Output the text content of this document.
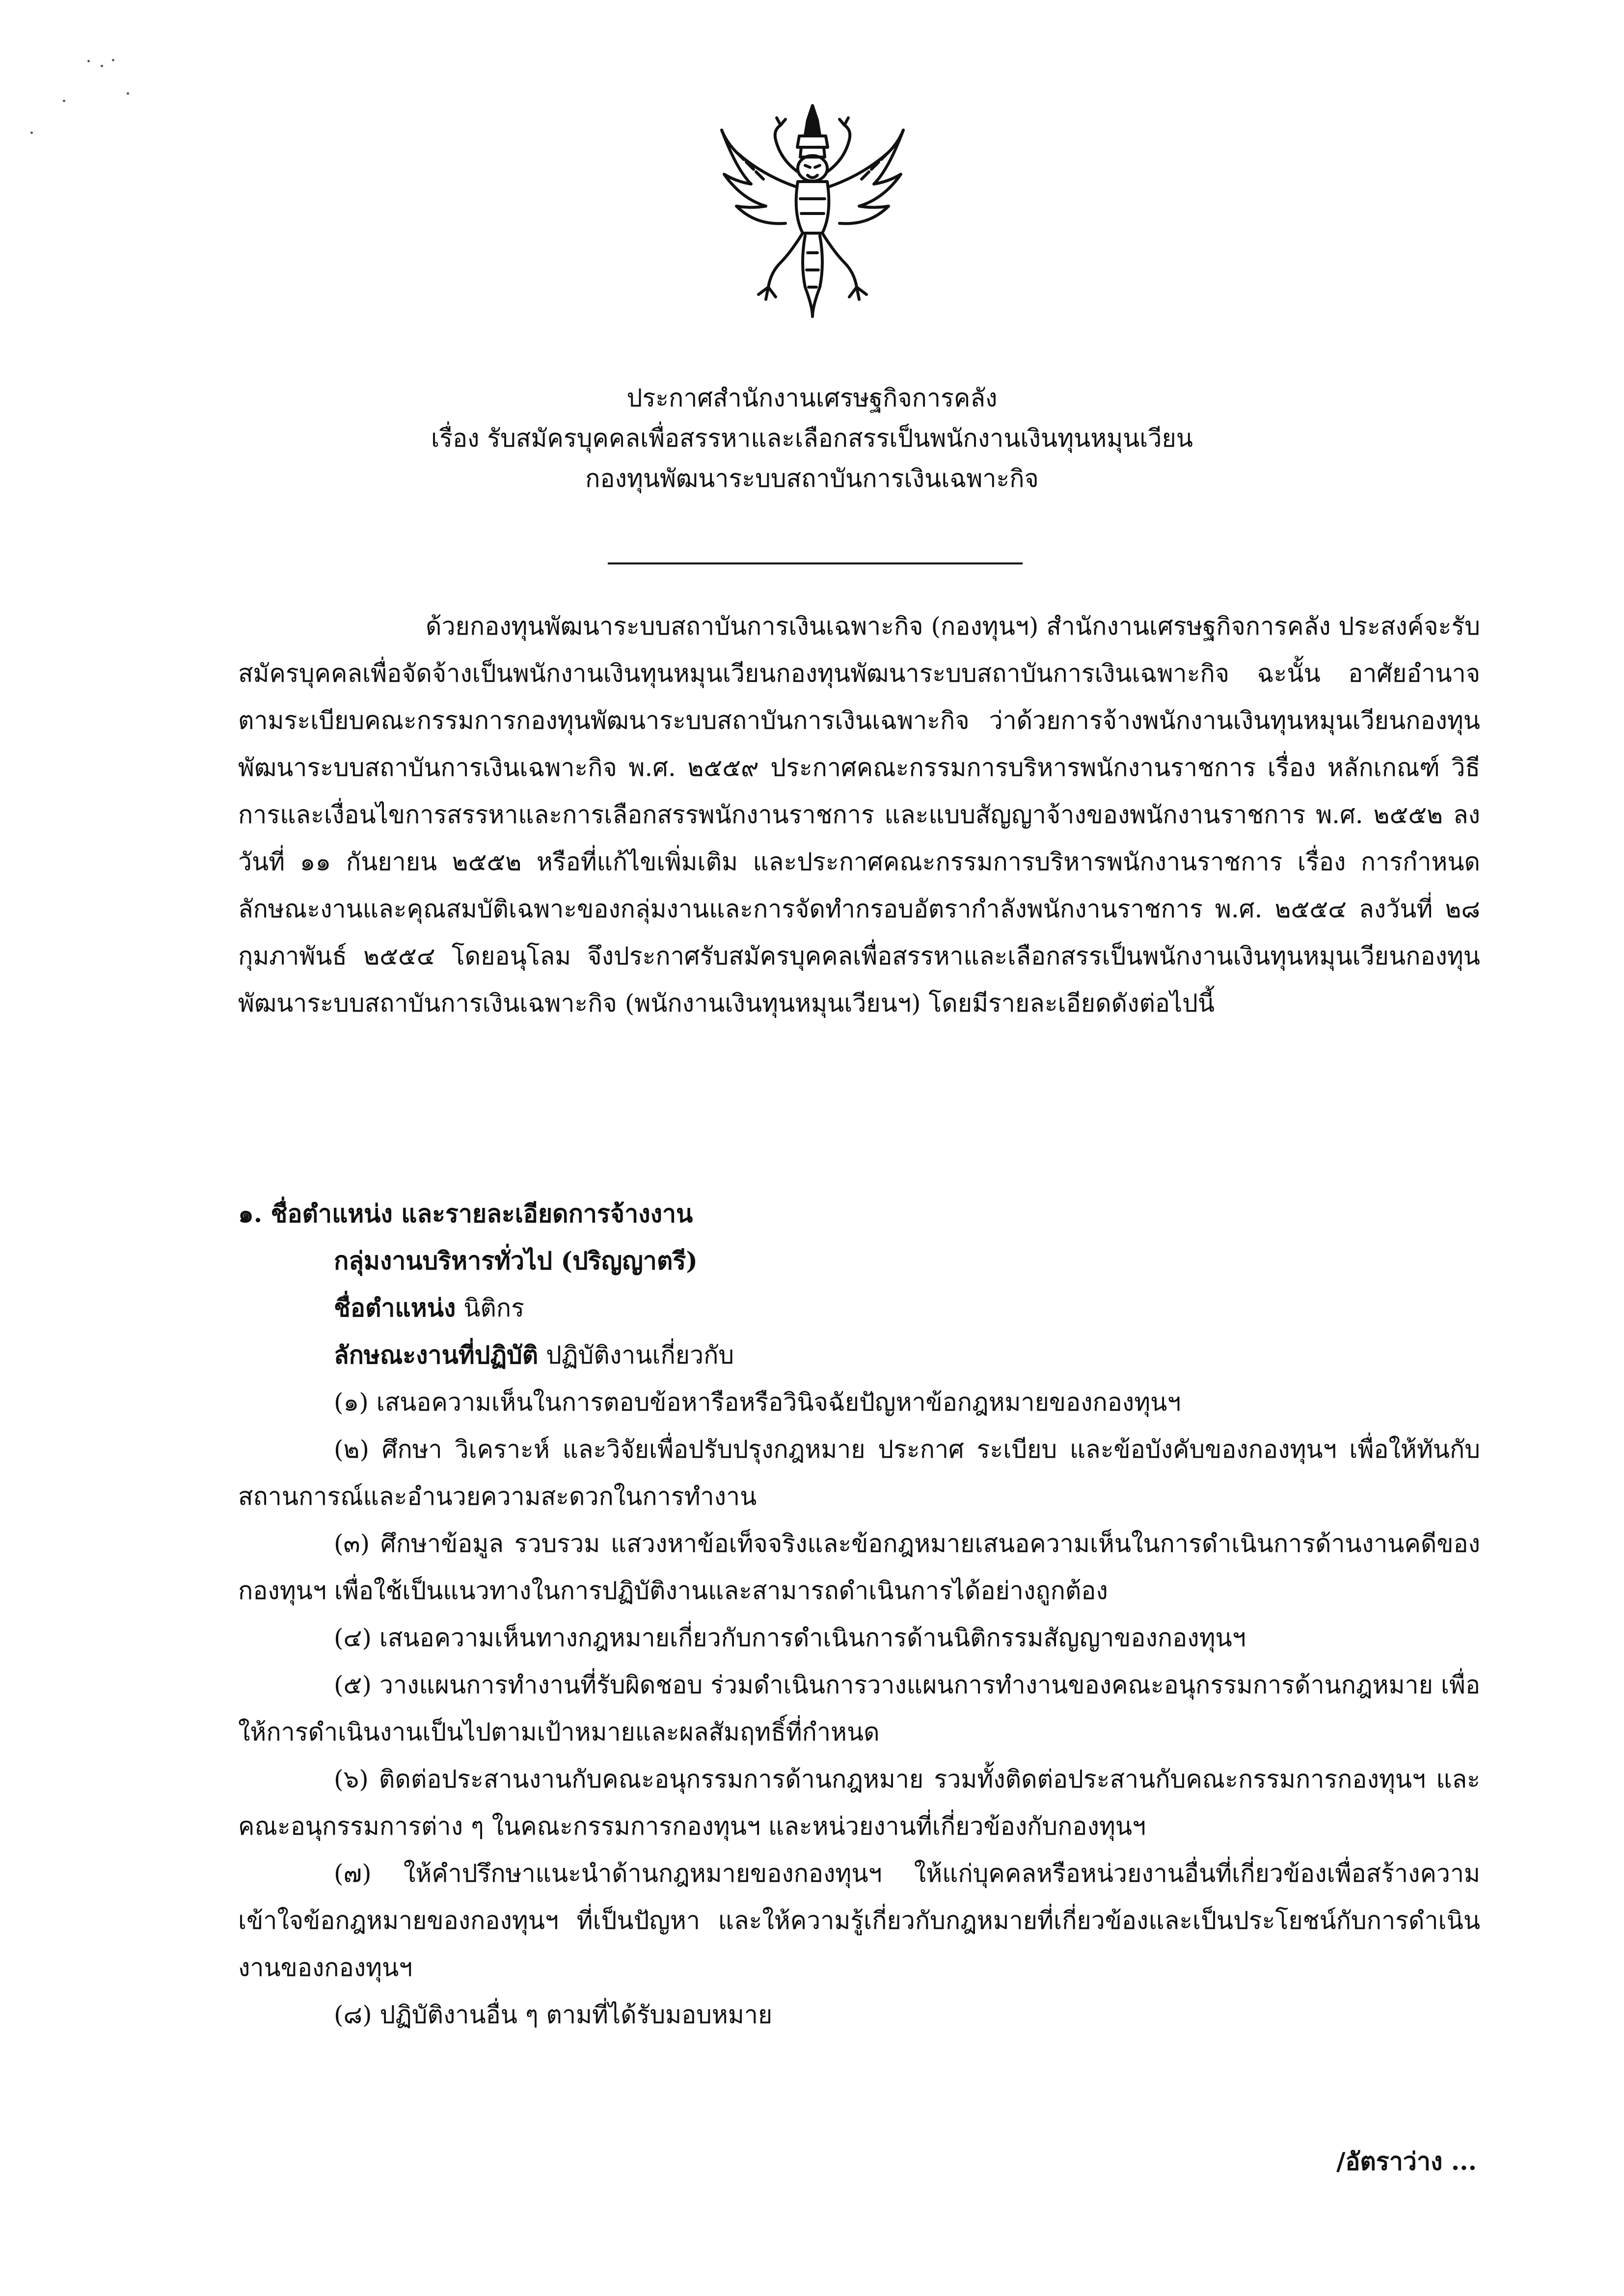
ประกาศสำนักงานเศรษฐกิจการคลัง
เรื่อง รับสมัครบุคคลเพื่อสรรหาและเลือกสรรเป็นพนักงานเงินทุนหมุนเวียน
กองทุนพัฒนาระบบสถาบันการเงินเฉพาะกิจ

ด้วยกองทุนพัฒนาระบบสถาบันการเงินเฉพาะกิจ (กองทุนฯ) สำนักงานเศรษฐกิจการคลัง ประสงค์จะรับสมัครบุคคลเพื่อจัดจ้างเป็นพนักงานเงินทุนหมุนเวียนกองทุนพัฒนาระบบสถาบันการเงินเฉพาะกิจ ฉะนั้น อาศัยอำนาจตามระเบียบคณะกรรมการกองทุนพัฒนาระบบสถาบันการเงินเฉพาะกิจ ว่าด้วยการจ้างพนักงานเงินทุนหมุนเวียนกองทุนพัฒนาระบบสถาบันการเงินเฉพาะกิจ พ.ศ. ๒๕๕๙ ประกาศคณะกรรมการบริหารพนักงานราชการ เรื่อง หลักเกณฑ์ วิธีการและเงื่อนไขการสรรหาและการเลือกสรรพนักงานราชการ และแบบสัญญาจ้างของพนักงานราชการ พ.ศ. ๒๕๕๒ ลงวันที่ ๑๑ กันยายน ๒๕๕๒ หรือที่แก้ไขเพิ่มเติม และประกาศคณะกรรมการบริหารพนักงานราชการ เรื่อง การกำหนดลักษณะงานและคุณสมบัติเฉพาะของกลุ่มงานและการจัดทำกรอบอัตรากำลังพนักงานราชการ พ.ศ. ๒๕๕๔ ลงวันที่ ๒๘ กุมภาพันธ์ ๒๕๕๔ โดยอนุโลม จึงประกาศรับสมัครบุคคลเพื่อสรรหาและเลือกสรรเป็นพนักงานเงินทุนหมุนเวียนกองทุนพัฒนาระบบสถาบันการเงินเฉพาะกิจ (พนักงานเงินทุนหมุนเวียนฯ) โดยมีรายละเอียดดังต่อไปนี้

๑. ชื่อตำแหน่ง และรายละเอียดการจ้างงาน
กลุ่มงานบริหารทั่วไป (ปริญญาตรี)
ชื่อตำแหน่ง นิติกร
ลักษณะงานที่ปฏิบัติ ปฏิบัติงานเกี่ยวกับ

(๑) เสนอความเห็นในการตอบข้อหารือหรือวินิจฉัยปัญหาข้อกฎหมายของกองทุนฯ

(๒) ศึกษา วิเคราะห์ และวิจัยเพื่อปรับปรุงกฎหมาย ประกาศ ระเบียบ และข้อบังคับของกองทุนฯ เพื่อให้ทันกับสถานการณ์และอำนวยความสะดวกในการทำงาน

(๓) ศึกษาข้อมูล รวบรวม แสวงหาข้อเท็จจริงและข้อกฎหมายเสนอความเห็นในการดำเนินการด้านงานคดีของกองทุนฯ เพื่อใช้เป็นแนวทางในการปฏิบัติงานและสามารถดำเนินการได้อย่างถูกต้อง

(๔) เสนอความเห็นทางกฎหมายเกี่ยวกับการดำเนินการด้านนิติกรรมสัญญาของกองทุนฯ

(๕) วางแผนการทำงานที่รับผิดชอบ ร่วมดำเนินการวางแผนการทำงานของคณะอนุกรรมการด้านกฎหมาย เพื่อให้การดำเนินงานเป็นไปตามเป้าหมายและผลสัมฤทธิ์ที่กำหนด

(๖) ติดต่อประสานงานกับคณะอนุกรรมการด้านกฎหมาย รวมทั้งติดต่อประสานกับคณะกรรมการกองทุนฯ และคณะอนุกรรมการต่าง ๆ ในคณะกรรมการกองทุนฯ และหน่วยงานที่เกี่ยวข้องกับกองทุนฯ

(๗) ให้คำปรึกษาแนะนำด้านกฎหมายของกองทุนฯ ให้แก่บุคคลหรือหน่วยงานอื่นที่เกี่ยวข้องเพื่อสร้างความเข้าใจข้อกฎหมายของกองทุนฯ ที่เป็นปัญหา และให้ความรู้เกี่ยวกับกฎหมายที่เกี่ยวข้องและเป็นประโยชน์กับการดำเนินงานของกองทุนฯ

(๘) ปฏิบัติงานอื่น ๆ ตามที่ได้รับมอบหมาย

/อัตราว่าง ...
